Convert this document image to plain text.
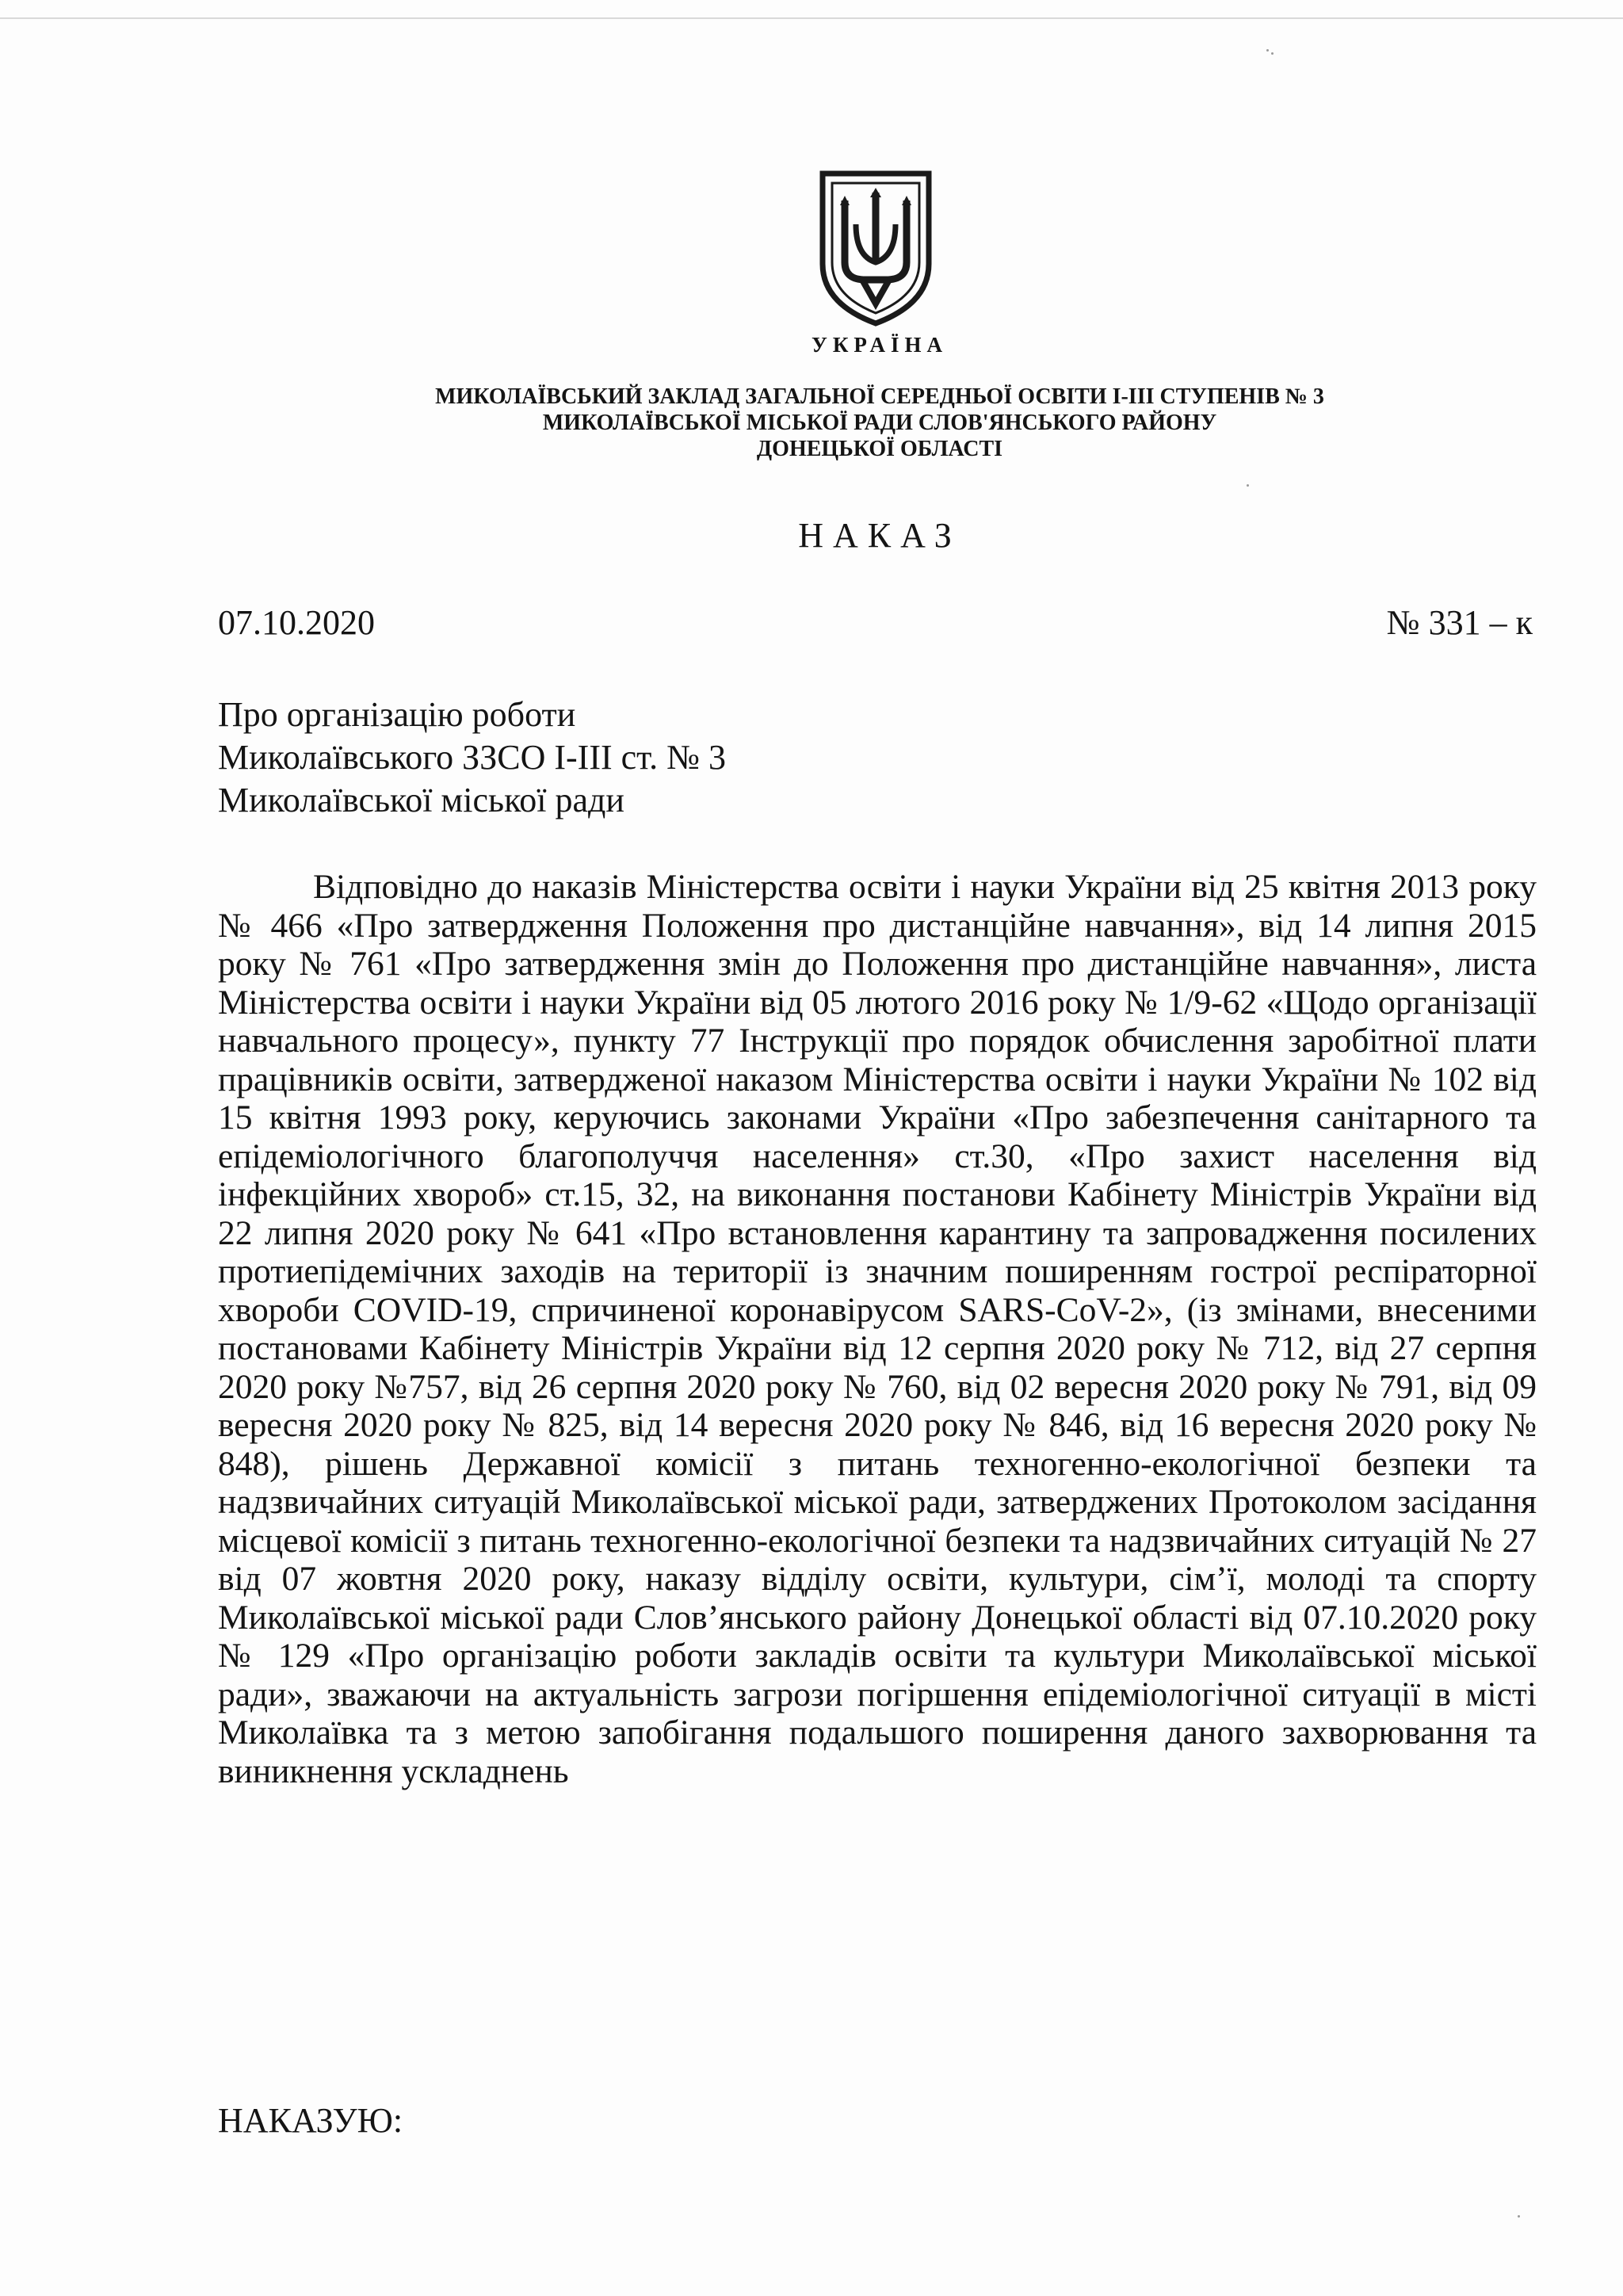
УКРАЇНА
МИКОЛАЇВСЬКИЙ ЗАКЛАД ЗАГАЛЬНОЇ СЕРЕДНЬОЇ ОСВІТИ І-ІІІ СТУПЕНІВ № 3
МИКОЛАЇВСЬКОЇ МІСЬКОЇ РАДИ СЛОВ'ЯНСЬКОГО РАЙОНУ
ДОНЕЦЬКОЇ ОБЛАСТІ
НАКАЗ
07.10.2020	№ 331 – к
Про організацію роботи
Миколаївського ЗЗСО І-ІІІ ст. № 3
Миколаївської міської ради

Відповідно до наказів Міністерства освіти і науки України від 25 квітня 2013 року № 466 «Про затвердження Положення про дистанційне навчання», від 14 липня 2015 року № 761 «Про затвердження змін до Положення про дистанційне навчання», листа Міністерства освіти і науки України від 05 лютого 2016 року № 1/9-62 «Щодо організації навчального процесу», пункту 77 Інструкції про порядок обчислення заробітної плати працівників освіти, затвердженої наказом Міністерства освіти і науки України № 102 від 15 квітня 1993 року, керуючись законами України «Про забезпечення санітарного та епідеміологічного благополуччя населення» ст.30, «Про захист населення від інфекційних хвороб» ст.15, 32, на виконання постанови Кабінету Міністрів України від 22 липня 2020 року № 641 «Про встановлення карантину та запровадження посилених протиепідемічних заходів на території із значним поширенням гострої респіраторної хвороби COVID-19, спричиненої коронавірусом SARS-CoV-2», (із змінами, внесеними постановами Кабінету Міністрів України від 12 серпня 2020 року № 712, від 27 серпня 2020 року №757, від 26 серпня 2020 року № 760, від 02 вересня 2020 року № 791, від 09 вересня 2020 року № 825, від 14 вересня 2020 року № 846, від 16 вересня 2020 року № 848), рішень Державної комісії з питань техногенно-екологічної безпеки та надзвичайних ситуацій Миколаївської міської ради, затверджених Протоколом засідання місцевої комісії з питань техногенно-екологічної безпеки та надзвичайних ситуацій № 27 від 07 жовтня 2020 року, наказу відділу освіти, культури, сім’ї, молоді та спорту Миколаївської міської ради Слов’янського району Донецької області від 07.10.2020 року № 129 «Про організацію роботи закладів освіти та культури Миколаївської міської ради», зважаючи на актуальність загрози погіршення епідеміологічної ситуації в місті Миколаївка та з метою запобігання подальшого поширення даного захворювання та виникнення ускладнень

НАКАЗУЮ:
